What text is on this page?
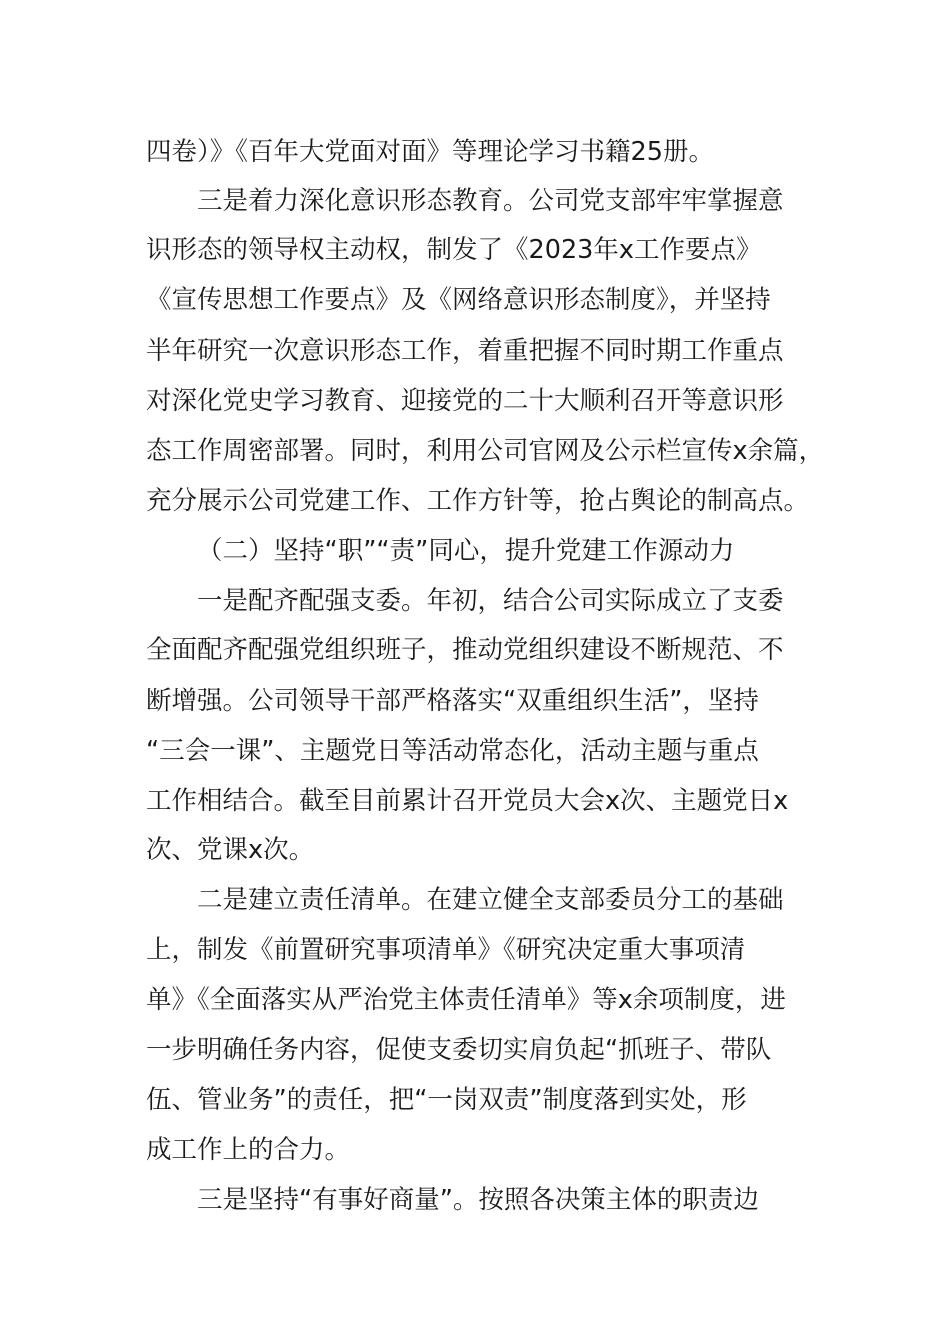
四卷）》《百年大党面对面》等理论学习书籍25册。
三是着力深化意识形态教育。公司党支部牢牢掌握意
识形态的领导权主动权，制发了《2023年x工作要点》
《宣传思想工作要点》及《网络意识形态制度》，并坚持
半年研究一次意识形态工作，着重把握不同时期工作重点
对深化党史学习教育、迎接党的二十大顺利召开等意识形
态工作周密部署。同时，利用公司官网及公示栏宣传x余篇，
充分展示公司党建工作、工作方针等，抢占舆论的制高点。
（二）坚持“职”“责”同心，提升党建工作源动力
一是配齐配强支委。年初，结合公司实际成立了支委
全面配齐配强党组织班子，推动党组织建设不断规范、不
断增强。公司领导干部严格落实“双重组织生活”，坚持
“三会一课”、主题党日等活动常态化，活动主题与重点
工作相结合。截至目前累计召开党员大会x次、主题党日x
次、党课x次。
二是建立责任清单。在建立健全支部委员分工的基础
上，制发《前置研究事项清单》《研究决定重大事项清
单》《全面落实从严治党主体责任清单》等x余项制度，进
一步明确任务内容，促使支委切实肩负起“抓班子、带队
伍、管业务”的责任，把“一岗双责”制度落到实处，形
成工作上的合力。
三是坚持“有事好商量”。按照各决策主体的职责边
